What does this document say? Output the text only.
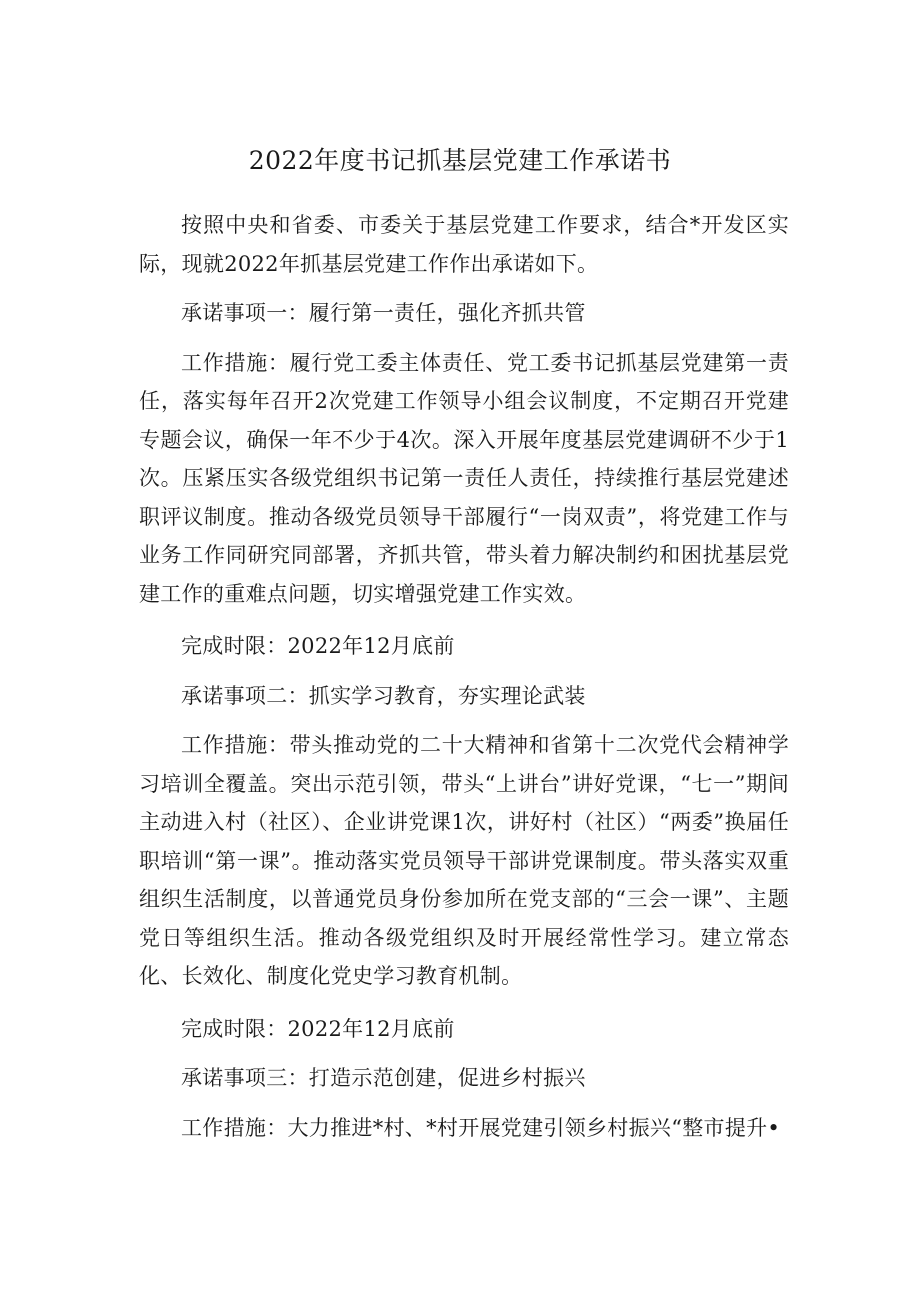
2022年度书记抓基层党建工作承诺书

按照中央和省委、市委关于基层党建工作要求，结合*开发区实际，现就2022年抓基层党建工作作出承诺如下。

承诺事项一：履行第一责任，强化齐抓共管

工作措施：履行党工委主体责任、党工委书记抓基层党建第一责任，落实每年召开2次党建工作领导小组会议制度，不定期召开党建专题会议，确保一年不少于4次。深入开展年度基层党建调研不少于1次。压紧压实各级党组织书记第一责任人责任，持续推行基层党建述职评议制度。推动各级党员领导干部履行“一岗双责”，将党建工作与业务工作同研究同部署，齐抓共管，带头着力解决制约和困扰基层党建工作的重难点问题，切实增强党建工作实效。

完成时限：2022年12月底前

承诺事项二：抓实学习教育，夯实理论武装

工作措施：带头推动党的二十大精神和省第十二次党代会精神学习培训全覆盖。突出示范引领，带头“上讲台”讲好党课，“七一”期间主动进入村（社区）、企业讲党课1次，讲好村（社区）“两委”换届任职培训“第一课”。推动落实党员领导干部讲党课制度。带头落实双重组织生活制度，以普通党员身份参加所在党支部的“三会一课”、主题党日等组织生活。推动各级党组织及时开展经常性学习。建立常态化、长效化、制度化党史学习教育机制。

完成时限：2022年12月底前

承诺事项三：打造示范创建，促进乡村振兴

工作措施：大力推进*村、*村开展党建引领乡村振兴“整市提升•
